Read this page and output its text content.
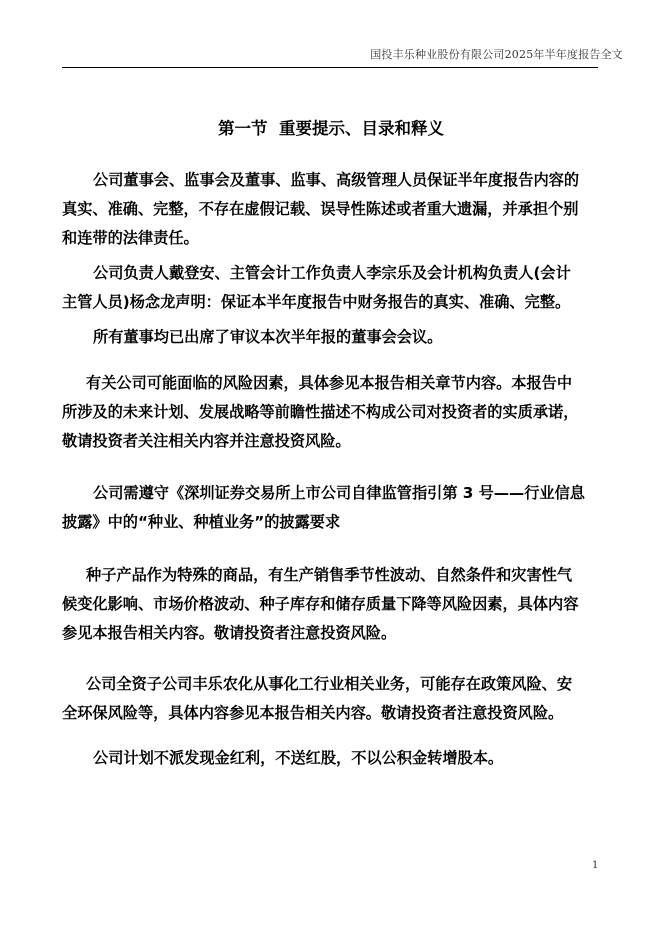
国投丰乐种业股份有限公司2025年半年度报告全文
第一节  重要提示、目录和释义
公司董事会、监事会及董事、监事、高级管理人员保证半年度报告内容的
真实、准确、完整，不存在虚假记载、误导性陈述或者重大遗漏，并承担个别
和连带的法律责任。
公司负责人戴登安、主管会计工作负责人李宗乐及会计机构负责人(会计
主管人员)杨念龙声明：保证本半年度报告中财务报告的真实、准确、完整。
所有董事均已出席了审议本次半年报的董事会会议。
有关公司可能面临的风险因素，具体参见本报告相关章节内容。本报告中
所涉及的未来计划、发展战略等前瞻性描述不构成公司对投资者的实质承诺，
敬请投资者关注相关内容并注意投资风险。
公司需遵守《深圳证券交易所上市公司自律监管指引第 3 号——行业信息
披露》中的“种业、种植业务”的披露要求
种子产品作为特殊的商品，有生产销售季节性波动、自然条件和灾害性气
候变化影响、市场价格波动、种子库存和储存质量下降等风险因素，具体内容
参见本报告相关内容。敬请投资者注意投资风险。
公司全资子公司丰乐农化从事化工行业相关业务，可能存在政策风险、安
全环保风险等，具体内容参见本报告相关内容。敬请投资者注意投资风险。
公司计划不派发现金红利，不送红股，不以公积金转增股本。
1
